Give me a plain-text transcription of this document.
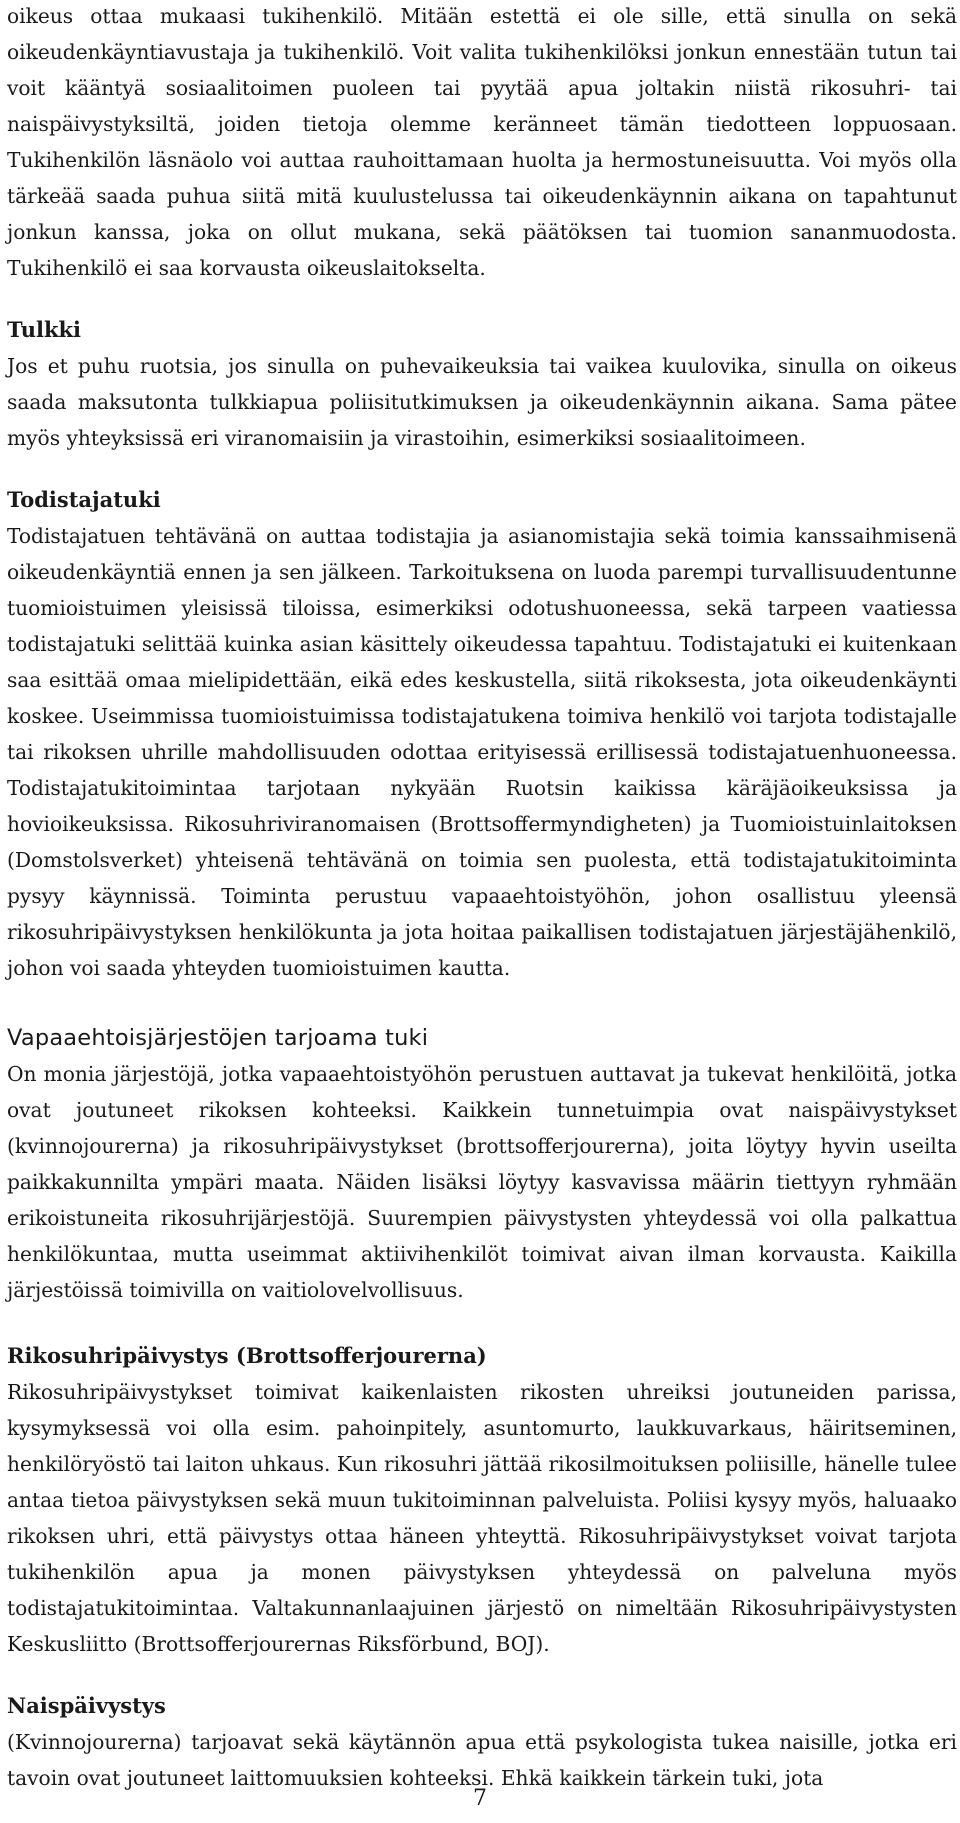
oikeus ottaa mukaasi tukihenkilö. Mitään estettä ei ole sille, että sinulla on sekä oikeudenkäyntiavustaja ja tukihenkilö. Voit valita tukihenkilöksi jonkun ennestään tutun tai voit kääntyä sosiaalitoimen puoleen tai pyytää apua joltakin niistä rikosuhri- tai naispäivystyksiltä, joiden tietoja olemme keränneet tämän tiedotteen loppuosaan. Tukihenkilön läsnäolo voi auttaa rauhoittamaan huolta ja hermostuneisuutta. Voi myös olla tärkeää saada puhua siitä mitä kuulustelussa tai oikeudenkäynnin aikana on tapahtunut jonkun kanssa, joka on ollut mukana, sekä päätöksen tai tuomion sananmuodosta. Tukihenkilö ei saa korvausta oikeuslaitokselta.

Tulkki

Jos et puhu ruotsia, jos sinulla on puhevaikeuksia tai vaikea kuulovika, sinulla on oikeus saada maksutonta tulkkiapua poliisitutkimuksen ja oikeudenkäynnin aikana. Sama pätee myös yhteyksissä eri viranomaisiin ja virastoihin, esimerkiksi sosiaalitoimeen.

Todistajatuki

Todistajatuen tehtävänä on auttaa todistajia ja asianomistajia sekä toimia kanssaihmisenä oikeudenkäyntiä ennen ja sen jälkeen. Tarkoituksena on luoda parempi turvallisuudentunne tuomioistuimen yleisissä tiloissa, esimerkiksi odotushuoneessa, sekä tarpeen vaatiessa todistajatuki selittää kuinka asian käsittely oikeudessa tapahtuu. Todistajatuki ei kuitenkaan saa esittää omaa mielipidettään, eikä edes keskustella, siitä rikoksesta, jota oikeudenkäynti koskee. Useimmissa tuomioistuimissa todistajatukena toimiva henkilö voi tarjota todistajalle tai rikoksen uhrille mahdollisuuden odottaa erityisessä erillisessä todistajatuenhuoneessa. Todistajatukitoimintaa tarjotaan nykyään Ruotsin kaikissa käräjäoikeuksissa ja hovioikeuksissa. Rikosuhriviranomaisen (Brottsoffermyndigheten) ja Tuomioistuinlaitoksen (Domstolsverket) yhteisenä tehtävänä on toimia sen puolesta, että todistajatukitoiminta pysyy käynnissä. Toiminta perustuu vapaaehtoistyöhön, johon osallistuu yleensä rikosuhripäivystyksen henkilökunta ja jota hoitaa paikallisen todistajatuen järjestäjähenkilö, johon voi saada yhteyden tuomioistuimen kautta.

Vapaaehtoisjärjestöjen tarjoama tuki

On monia järjestöjä, jotka vapaaehtoistyöhön perustuen auttavat ja tukevat henkilöitä, jotka ovat joutuneet rikoksen kohteeksi. Kaikkein tunnetuimpia ovat naispäivystykset (kvinnojourerna) ja rikosuhripäivystykset (brottsofferjourerna), joita löytyy hyvin useilta paikkakunnilta ympäri maata. Näiden lisäksi löytyy kasvavissa määrin tiettyyn ryhmään erikoistuneita rikosuhrijärjestöjä. Suurempien päivystysten yhteydessä voi olla palkattua henkilökuntaa, mutta useimmat aktiivihenkilöt toimivat aivan ilman korvausta. Kaikilla järjestöissä toimivilla on vaitiolovelvollisuus.

Rikosuhripäivystys (Brottsofferjourerna)

Rikosuhripäivystykset toimivat kaikenlaisten rikosten uhreiksi joutuneiden parissa, kysymyksessä voi olla esim. pahoinpitely, asuntomurto, laukkuvarkaus, häiritseminen, henkilöryöstö tai laiton uhkaus. Kun rikosuhri jättää rikosilmoituksen poliisille, hänelle tulee antaa tietoa päivystyksen sekä muun tukitoiminnan palveluista. Poliisi kysyy myös, haluaako rikoksen uhri, että päivystys ottaa häneen yhteyttä. Rikosuhripäivystykset voivat tarjota tukihenkilön apua ja monen päivystyksen yhteydessä on palveluna myös todistajatukitoimintaa. Valtakunnanlaajuinen järjestö on nimeltään Rikosuhripäivystysten Keskusliitto (Brottsofferjourernas Riksförbund, BOJ).

Naispäivystys

(Kvinnojourerna) tarjoavat sekä käytännön apua että psykologista tukea naisille, jotka eri tavoin ovat joutuneet laittomuuksien kohteeksi. Ehkä kaikkein tärkein tuki, jota

7
